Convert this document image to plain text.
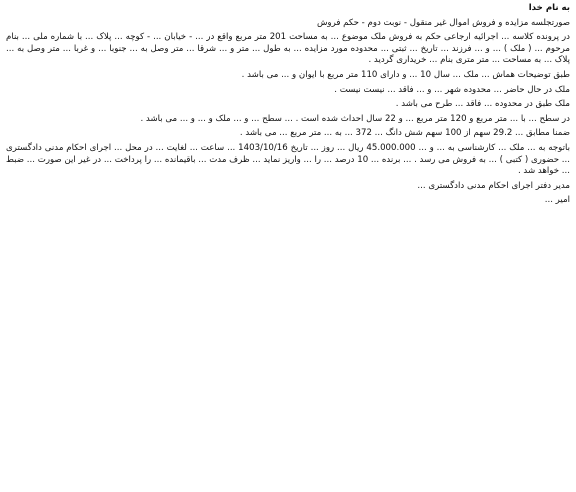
به نام خدا

صورتجلسه مزایده و فروش اموال غیر منقول - نوبت دوم - حکم فروش

در پرونده کلاسه ... اجرائیه ارجاعی حکم به فروش ملک موضوع ... به مساحت 201 متر مربع واقع در ... - خیابان ... - کوچه ... پلاک ... با شماره ملی ... بنام مرحوم ... ( ملک ) ... و ... فرزند ... تاریخ ... ثبتی ... محدوده مورد مزایده ... به طول ... متر و ... شرقا ... متر وصل به ... جنوبا ... و غربا ... متر وصل به ... پلاک ... به مساحت ... متر متری بنام ... خریداری گردید .

طبق توضیحات هماش ... ملک ... سال 10 ... و دارای 110 متر مربع با ایوان و ... می باشد .

ملک در حال حاضر ... محدوده شهر ... و ... فاقد ... نیست نیست .

ملک طبق در محدوده ... فاقد ... طرح می باشد .

در سطح ... با ... متر مربع و 120 متر مربع ... و 22 سال احداث شده است . ... سطح ... و ... ملک و ... و ... می باشد .

ضمنا مطابق ... 29.2 سهم از 100 سهم شش دانگ ... 372 ... به ... متر مربع ... می باشد .

باتوجه به ... ملک ... کارشناسی به ... و ... 45.000.000 ریال ... روز ... تاریخ 1403/10/16 ... ساعت ... لغایت ... در محل ... اجرای احکام مدنی دادگستری ... حضوری ( کتبی ) ... به فروش می رسد . ... برنده ... 10 درصد ... را ... واریز نماید ... ظرف مدت ... باقیمانده ... را پرداخت ... در غیر این صورت ... ضبط ... خواهد شد .

مدیر دفتر اجرای احکام مدنی دادگستری ...

امیر ...
